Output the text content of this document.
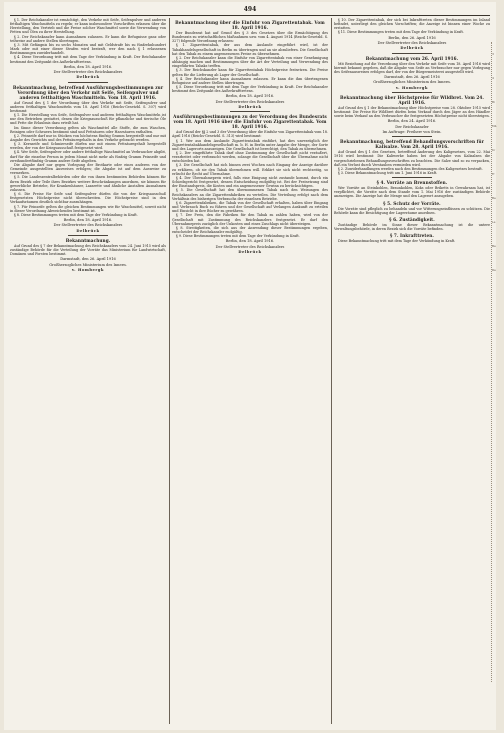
494

§ 1. Der Reichskanzler ist ermächtigt, den Verkehr mit Seife, Seifenpulver und anderen fetthaltigen Waschmitteln zu regeln; er kann insbesondere Vorschriften erlassen über die Herstellung, den Vertrieb und die Preise solcher Waschmittel sowie die Verwendung von Fetten und Ölen zu ihrer Herstellung.

§ 2. Der Reichskanzler kann Ausnahmen zulassen. Er kann die Befugnisse ganz oder teilweise auf andere Stellen übertragen.

§ 3. Mit Gefängnis bis zu sechs Monaten und mit Geldstrafe bis zu fünfzehnhundert Mark oder mit einer dieser Strafen wird bestraft, wer den nach § 1 erlassenen Bestimmungen zuwiderhandelt.

§ 4. Diese Verordnung tritt mit dem Tage der Verkündung in Kraft. Der Reichskanzler bestimmt den Zeitpunkt des Außerkrafttretens.

Berlin, den 18. April 1916.
Der Stellvertreter des Reichskanzlers
Delbrück
Bekanntmachung, betreffend Ausführungsbestimmungen zur Verordnung über den Verkehr mit Seife, Seifenpulver und anderen fetthaltigen Waschmitteln. Vom 18. April 1916.

Auf Grund des § 1 der Verordnung über den Verkehr mit Seife, Seifenpulver und anderen fetthaltigen Waschmitteln vom 18. April 1916 (Reichs-Gesetzbl. S. 307) wird bestimmt:

§ 1. Die Herstellung von Seife, Seifenpulver und anderen fetthaltigen Waschmitteln ist nur den Betrieben gestattet, denen die Kriegsausschuß für pflanzliche und tierische Öle und Fette die Erlaubnis dazu erteilt hat.

Im Sinne dieser Verordnung gelten als Waschmittel alle Stoffe, die zum Waschen, Reinigen oder Scheuern bestimmt sind und Fettsäuren oder Harzsäuren enthalten.

§ 2. Feinseife darf nur in Stücken von höchstens fünfzig Gramm hergestellt und nur mit Angabe des Gewichts und des Fettsäuregehalts in den Verkehr gebracht werden.

§ 3. Kernseife und Schmierseife dürfen nur mit einem Fettsäuregehalt hergestellt werden, der von der Kriegsausschuß festgesetzt wird.

§ 4. Wer Seife, Seifenpulver oder andere fetthaltige Waschmittel an Verbraucher abgibt, darf für die einzelne Person in jedem Monat nicht mehr als fünfzig Gramm Feinseife und zweihundertfünfzig Gramm andere Seife abgeben.

Die Abgabe darf nur gegen Vorlegung der Brotkarte oder eines anderen von der Gemeinde ausgestellten Ausweises erfolgen; die Abgabe ist auf dem Ausweise zu vermerken.

§ 5. Die Landeszentralbehörden oder die von ihnen bestimmten Behörden können für ihren Bezirk oder Teile ihres Bezirkes weitere Beschränkungen anordnen, sie können für gewerbliche Betriebe, für Krankenhäuser, Lazarette und ähnliche Anstalten Ausnahmen zulassen.

§ 6. Die Preise für Seife und Seifenpulver dürfen die von der Kriegsausschuß festgesetzten Höchstpreise nicht überschreiten. Die Höchstpreise sind in den Verkaufsräumen deutlich sichtbar auszuhängen.

§ 7. Für Feinseife gelten die gleichen Bestimmungen wie für Waschmittel, soweit nicht in dieser Verordnung Abweichendes bestimmt ist.

§ 8. Diese Bestimmungen treten mit dem Tage der Verkündung in Kraft.

Berlin, den 18. April 1916.
Der Stellvertreter des Reichskanzlers
Delbrück
Bekanntmachung.

Auf Grund des § 7 der Bekanntmachung des Reichskanzlers vom 24. Juni 1915 wird als zuständige Behörde für die Verteilung der Vorräte das Ministerium für Landwirtschaft, Domänen und Forsten bestimmt.

Darmstadt, den 26. April 1916
Großherzogliches Ministerium des Innern.
v. Hombergk
Bekanntmachung über die Einfuhr von Zigarettentabak. Vom 18. April 1916.

Der Bundesrat hat auf Grund des § 3 des Gesetzes über die Ermächtigung des Bundesrats zu wirtschaftlichen Maßnahmen usw. vom 4. August 1914 (Reichs-Gesetzbl. S. 327) folgende Verordnung erlassen:

§ 1. Zigarettentabak, der aus dem Auslande eingeführt wird, ist der Tabakhandelsgesellschaft in Berlin zu übertragen und an sie abzuliefern. Die Gesellschaft hat den Tabak zu einem angemessenen Preise zu übernehmen.

§ 2. Der Reichskanzler kann die Einfuhr von Zigarettentabak von einer Genehmigung abhängig machen und Bestimmungen über die Art der Verteilung und Verwendung des eingeführten Tabaks treffen.

§ 3. Der Reichskanzler kann für Zigarettentabak Höchstpreise festsetzen. Die Preise gelten für die Lieferung ab Lager der Gesellschaft.

§ 4. Der Reichskanzler kann Ausnahmen zulassen. Er kann die ihm übertragenen Befugnisse auf andere Stellen übertragen.

§ 5. Diese Verordnung tritt mit dem Tage der Verkündung in Kraft. Der Reichskanzler bestimmt den Zeitpunkt des Außerkrafttretens.

Berlin, den 18. April 1916.
Der Stellvertreter des Reichskanzlers
Delbrück
Ausführungsbestimmungen zu der Verordnung des Bundesrats vom 18. April 1916 über die Einfuhr von Zigarettentabak. Vom 18. April 1916.

Auf Grund der §§ 2 und 3 der Verordnung über die Einfuhr von Zigarettentabak vom 18. April 1916 (Reichs-Gesetzbl. S. 313) wird bestimmt:

§ 1. Wer aus dem Auslande Zigarettentabak einführt, hat dies unverzüglich der Zigarettentabakhandelsgesellschaft m. b. H. in Berlin unter Angabe der Menge, der Sorte und des Lagerorts anzuzeigen. Die Gesellschaft ist berechtigt, den Tabak zu übernehmen.

§ 2. Der eingeführte Tabak darf ohne Zustimmung der Gesellschaft nicht veräußert, verarbeitet oder verbraucht werden, solange die Gesellschaft über die Übernahme nicht entschieden hat.

§ 3. Die Gesellschaft hat sich binnen zwei Wochen nach Eingang der Anzeige darüber zu erklären, ob sie den Tabak übernehmen will. Erklärt sie sich nicht rechtzeitig, so erlischt ihr Recht auf Übernahme.

§ 4. Der Übernahmepreis wird, falls eine Einigung nicht zustande kommt, durch ein Schiedsgericht festgesetzt, dessen Entscheidung endgültig ist. Bei der Festsetzung sind der Einstandspreis, die Kosten und ein angemessener Gewinn zu berücksichtigen.

§ 5. Die Gesellschaft hat den übernommenen Tabak nach den Weisungen des Reichskanzlers an die Zigarettenfabriken zu verteilen. Die Verteilung erfolgt nach dem Verhältnis des bisherigen Verbrauchs der einzelnen Betriebe.

§ 6. Zigarettenfabriken, die Tabak von der Gesellschaft erhalten, haben über Eingang und Verbrauch Buch zu führen und der Gesellschaft auf Verlangen Auskunft zu erteilen und Einsicht in ihre Bücher zu gewähren.

§ 7. Der Preis, den die Fabriken für den Tabak zu zahlen haben, wird von der Gesellschaft mit Zustimmung des Reichskanzlers festgesetzt. Er darf den Übernahmepreis zuzüglich der Unkosten und eines Zuschlags nicht übersteigen.

§ 8. Streitigkeiten, die sich aus der Anwendung dieser Bestimmungen ergeben, entscheidet der Reichskanzler endgültig.

§ 9. Diese Bestimmungen treten mit dem Tage der Verkündung in Kraft.

Berlin, den 18. April 1916.
Der Stellvertreter des Reichskanzlers
Delbrück

§ 10. Der Zigarettentabak, der sich bei Inkrafttreten dieser Bestimmungen im Inland befindet, unterliegt den gleichen Vorschriften; die Anzeige ist binnen einer Woche zu erstatten.

§ 11. Diese Bestimmungen treten mit dem Tage der Verkündung in Kraft.

Berlin, den 26. April 1916
Der Stellvertreter des Reichskanzlers
Delbrück
Bekanntmachung vom 26. April 1916.

Mit Beziehung auf die Verordnung über den Verkehr mit Seife vom 18. April 1916 wird hiermit bekannt gegeben, daß die Abgabe von Seife an Verbraucher nur gegen Vorlegung des Seifenausweises erfolgen darf, der von der Bürgermeisterei ausgestellt wird.

Darmstadt, den 26. April 1916
Großherzogliches Ministerium des Innern.
v. Hombergk
Bekanntmachung über Höchstpreise für Wildbret. Vom 24. April 1916.

Auf Grund des § 1 der Bekanntmachung über Höchstpreise vom 28. Oktober 1915 wird bestimmt: Die Preise für Wildbret dürfen beim Verkauf durch den Jäger an den Händler sowie beim Verkauf an den Verbraucher die festgesetzten Höchstpreise nicht übersteigen.

Berlin, den 24. April 1916.
Der Reichskanzler
Im Auftrage: Freiherr von Stein.
Bekanntmachung, betreffend Behandlungsvorschriften für Kalisalze. Vom 28. April 1916.

Auf Grund des § 1 des Gesetzes, betreffend Änderung des Kaligesetzes, vom 22. Mai 1916 wird bestimmt: Die Kaliwerke haben bei der Abgabe von Kalisalzen die vorgeschriebenen Behandlungsvorschriften zu beachten. Die Salze sind so zu verpacken, daß ein Verlust durch Verstauben vermieden wird.

§ 2. Zuwiderhandlungen werden nach den Bestimmungen des Kaligesetzes bestraft.

§ 3. Diese Bekanntmachung tritt am 1. Juni 1916 in Kraft.

§ 4. Vorräte an Brennstoffen.

Wer Vorräte an Steinkohlen, Braunkohlen, Koks oder Briketts in Gewahrsam hat, ist verpflichtet, die Vorräte nach dem Stande vom 1. Mai 1916 der zuständigen Behörde anzuzeigen. Die Anzeige hat die Menge und den Lagerort anzugeben.

§ 5. Schutz der Vorräte.

Die Vorräte sind pfleglich zu behandeln und vor Witterungseinflüssen zu schützen. Die Behörde kann die Besichtigung der Lagerräume anordnen.

§ 6. Zuständigkeit.

Zuständige Behörde im Sinne dieser Bekanntmachung ist die untere Verwaltungsbehörde, in deren Bezirk sich die Vorräte befinden.

§ 7. Inkrafttreten.

Diese Bekanntmachung tritt mit dem Tage der Verkündung in Kraft.

3
4
Bi
Mä
Kr
Fr
Be
Le
Be
Re
